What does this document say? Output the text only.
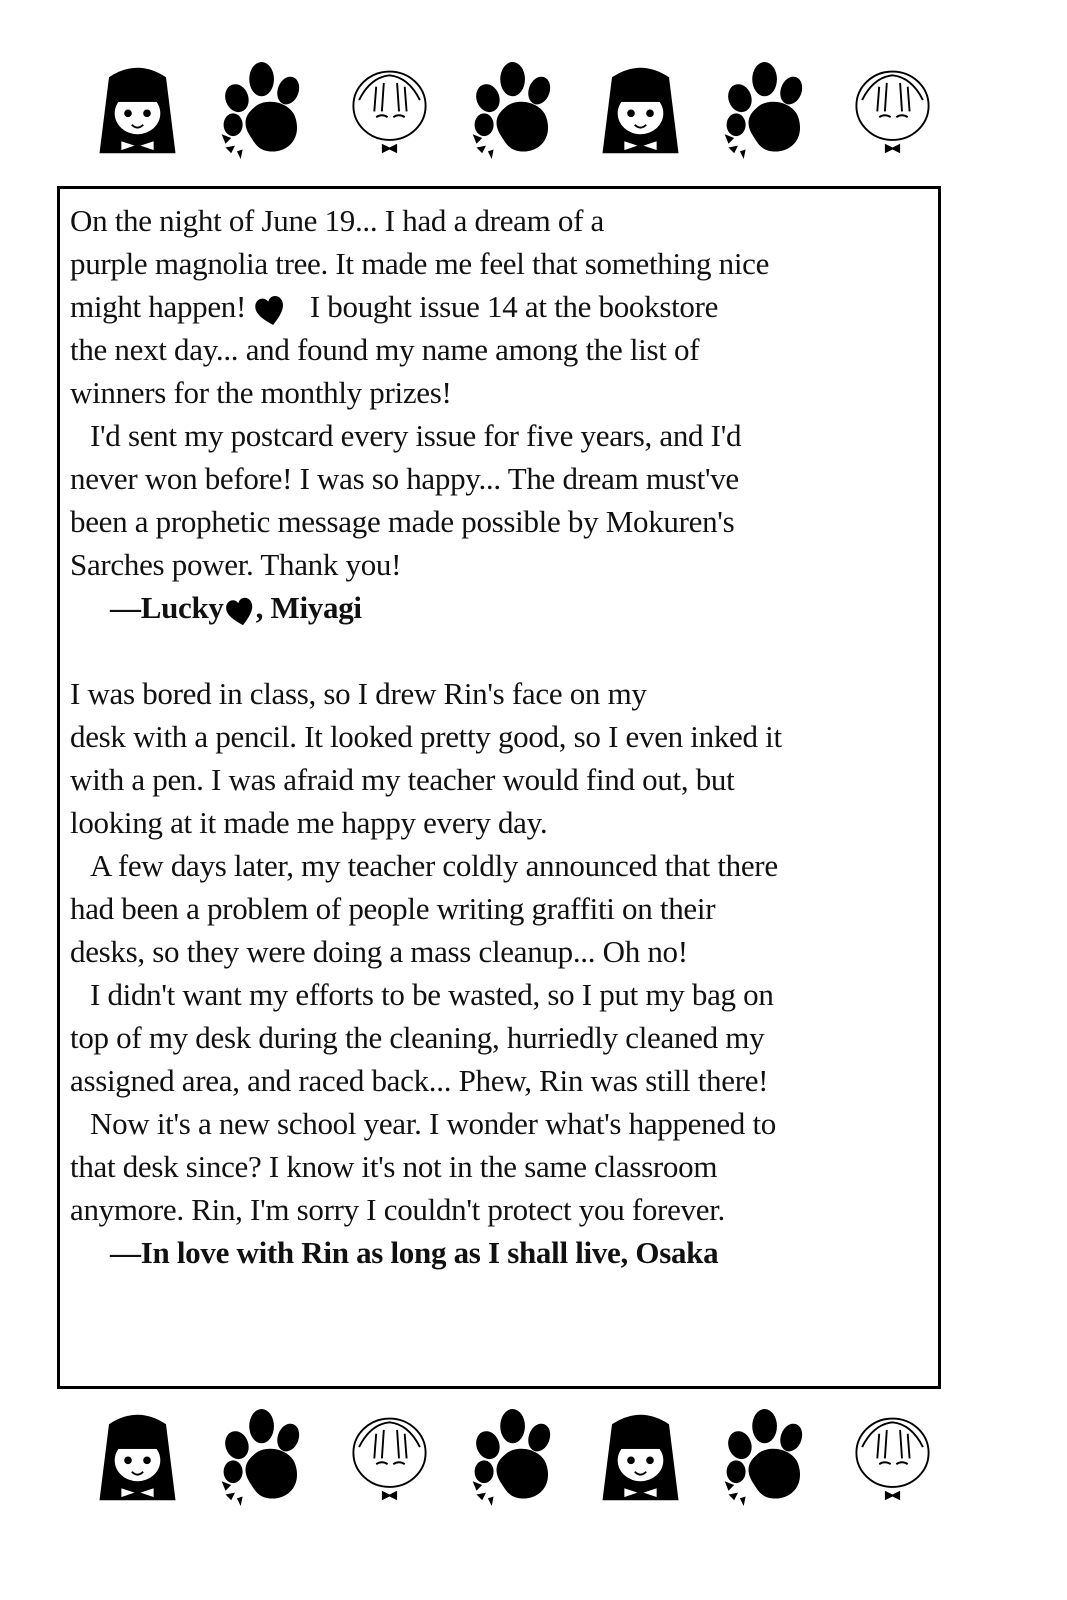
On the night of June 19... I had a dream of a
purple magnolia tree. It made me feel that something nice
might happen!    I bought issue 14 at the bookstore
the next day... and found my name among the list of
winners for the monthly prizes!
I'd sent my postcard every issue for five years, and I'd
never won before! I was so happy... The dream must've
been a prophetic message made possible by Mokuren's
Sarches power. Thank you!
—Lucky , Miyagi
I was bored in class, so I drew Rin's face on my
desk with a pencil. It looked pretty good, so I even inked it
with a pen. I was afraid my teacher would find out, but
looking at it made me happy every day.
A few days later, my teacher coldly announced that there
had been a problem of people writing graffiti on their
desks, so they were doing a mass cleanup... Oh no!
I didn't want my efforts to be wasted, so I put my bag on
top of my desk during the cleaning, hurriedly cleaned my
assigned area, and raced back... Phew, Rin was still there!
Now it's a new school year. I wonder what's happened to
that desk since? I know it's not in the same classroom
anymore. Rin, I'm sorry I couldn't protect you forever.
—In love with Rin as long as I shall live, Osaka
